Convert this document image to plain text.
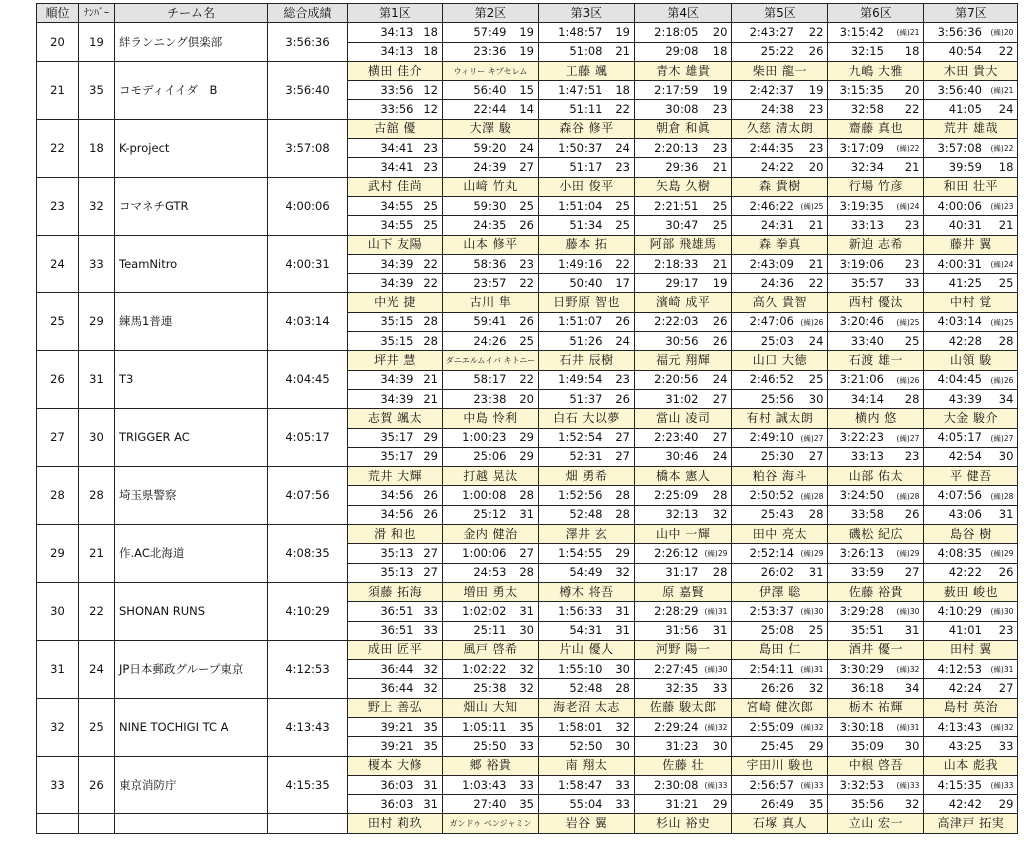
順位	ﾅﾝﾊﾞｰ	チーム名	総合成績	第1区		第2区		第3区		第4区		第5区		第6区		第7区	
20	19	絆ランニング倶楽部	3:56:36	34:13	18	57:49	19	1:48:57	19	2:18:05	20	2:43:27	22	3:15:42	(繰)21	3:56:36	(繰)20
				34:13	18	23:36	19	51:08	21	29:08	18	25:22	26	32:15	18	40:54	22
21	35	コモディイイダ　B	3:56:40	横田 佳介		ウィリー キプセレム		工藤 颯		青木 雄貴		柴田 龍一		九嶋 大雅		木田 貴大	
				33:56	12	56:40	15	1:47:51	18	2:17:59	19	2:42:37	19	3:15:35	20	3:56:40	(繰)21
				33:56	12	22:44	14	51:11	22	30:08	23	24:38	23	32:58	22	41:05	24
22	18	K-project	3:57:08	古舘 優		大澤 駿		森谷 修平		朝倉 和眞		久慈 清太朗		齋藤 真也		荒井 雄哉	
				34:41	23	59:20	24	1:50:37	24	2:20:13	23	2:44:35	23	3:17:09	(繰)22	3:57:08	(繰)22
				34:41	23	24:39	27	51:17	23	29:36	21	24:22	20	32:34	21	39:59	18
23	32	コマネチGTR	4:00:06	武村 佳尚		山﨑 竹丸		小田 俊平		矢島 久樹		森 貴樹		行場 竹彦		和田 壮平	
				34:55	25	59:30	25	1:51:04	25	2:21:51	25	2:46:22	(繰)25	3:19:35	(繰)24	4:00:06	(繰)23
				34:55	25	24:35	26	51:34	25	30:47	25	24:31	21	33:13	23	40:31	21
24	33	TeamNitro	4:00:31	山下 友陽		山本 修平		藤本 拓		阿部 飛雄馬		森 拳真		新迫 志希		藤井 翼	
				34:39	22	58:36	23	1:49:16	22	2:18:33	21	2:43:09	21	3:19:06	23	4:00:31	(繰)24
				34:39	22	23:57	22	50:40	17	29:17	19	24:36	22	35:57	33	41:25	25
25	29	練馬1普連	4:03:14	中光 捷		古川 隼		日野原 智也		濱崎 成平		高久 貴智		西村 優汰		中村 覚	
				35:15	28	59:41	26	1:51:07	26	2:22:03	26	2:47:06	(繰)26	3:20:46	(繰)25	4:03:14	(繰)25
				35:15	28	24:26	25	51:26	24	30:56	26	25:03	24	33:40	25	42:28	28
26	31	T3	4:04:45	坪井 慧		ダニエルムイバ キトニー		石井 辰樹		福元 翔輝		山口 大徳		石渡 雄一		山領 駿	
				34:39	21	58:17	22	1:49:54	23	2:20:56	24	2:46:52	25	3:21:06	(繰)26	4:04:45	(繰)26
				34:39	21	23:38	20	51:37	26	31:02	27	25:56	30	34:14	28	43:39	34
27	30	TRIGGER AC	4:05:17	志賀 颯太		中島 怜利		白石 大以夢		當山 凌司		有村 誠太朗		横内 悠		大金 駿介	
				35:17	29	1:00:23	29	1:52:54	27	2:23:40	27	2:49:10	(繰)27	3:22:23	(繰)27	4:05:17	(繰)27
				35:17	29	25:06	29	52:31	27	30:46	24	25:30	27	33:13	23	42:54	30
28	28	埼玉県警察	4:07:56	荒井 大輝		打越 晃汰		畑 勇希		橋本 憲人		粕谷 海斗		山部 佑太		平 健吾	
				34:56	26	1:00:08	28	1:52:56	28	2:25:09	28	2:50:52	(繰)28	3:24:50	(繰)28	4:07:56	(繰)28
				34:56	26	25:12	31	52:48	28	32:13	32	25:43	28	33:58	26	43:06	31
29	21	作.AC北海道	4:08:35	滑 和也		金内 健治		澤井 玄		山中 一輝		田中 亮太		磯松 紀広		島谷 樹	
				35:13	27	1:00:06	27	1:54:55	29	2:26:12	(繰)29	2:52:14	(繰)29	3:26:13	(繰)29	4:08:35	(繰)29
				35:13	27	24:53	28	54:49	32	31:17	28	26:02	31	33:59	27	42:22	26
30	22	SHONAN RUNS	4:10:29	須藤 拓海		増田 勇太		樽木 将吾		原 嘉賢		伊澤 聡		佐藤 裕貴		薮田 峻也	
				36:51	33	1:02:02	31	1:56:33	31	2:28:29	(繰)31	2:53:37	(繰)30	3:29:28	(繰)30	4:10:29	(繰)30
				36:51	33	25:11	30	54:31	31	31:56	31	25:08	25	35:51	31	41:01	23
31	24	JP日本郵政グループ東京	4:12:53	成田 匠平		風戸 啓希		片山 優人		河野 陽一		島田 仁		酒井 優一		田村 翼	
				36:44	32	1:02:22	32	1:55:10	30	2:27:45	(繰)30	2:54:11	(繰)31	3:30:29	(繰)32	4:12:53	(繰)31
				36:44	32	25:38	32	52:48	28	32:35	33	26:26	32	36:18	34	42:24	27
32	25	NINE TOCHIGI TC A	4:13:43	野上 善弘		畑山 大知		海老沼 太志		佐藤 駿太郎		宮崎 健次郎		栃木 祐輝		島村 英治	
				39:21	35	1:05:11	35	1:58:01	32	2:29:24	(繰)32	2:55:09	(繰)32	3:30:18	(繰)31	4:13:43	(繰)32
				39:21	35	25:50	33	52:50	30	31:23	30	25:45	29	35:09	30	43:25	33
33	26	東京消防庁	4:15:35	榎本 大修		郷 裕貴		南 翔太		佐藤 壮		宇田川 駿也		中根 啓吾		山本 彪我	
				36:03	31	1:03:43	33	1:58:47	33	2:30:08	(繰)33	2:56:57	(繰)33	3:32:53	(繰)33	4:15:35	(繰)33
				36:03	31	27:40	35	55:04	33	31:21	29	26:49	35	35:56	32	42:42	29
				田村 莉玖		ガンドゥ ベンジャミン		岩谷 翼		杉山 裕史		石塚 真人		立山 宏一		高津戸 拓実	
